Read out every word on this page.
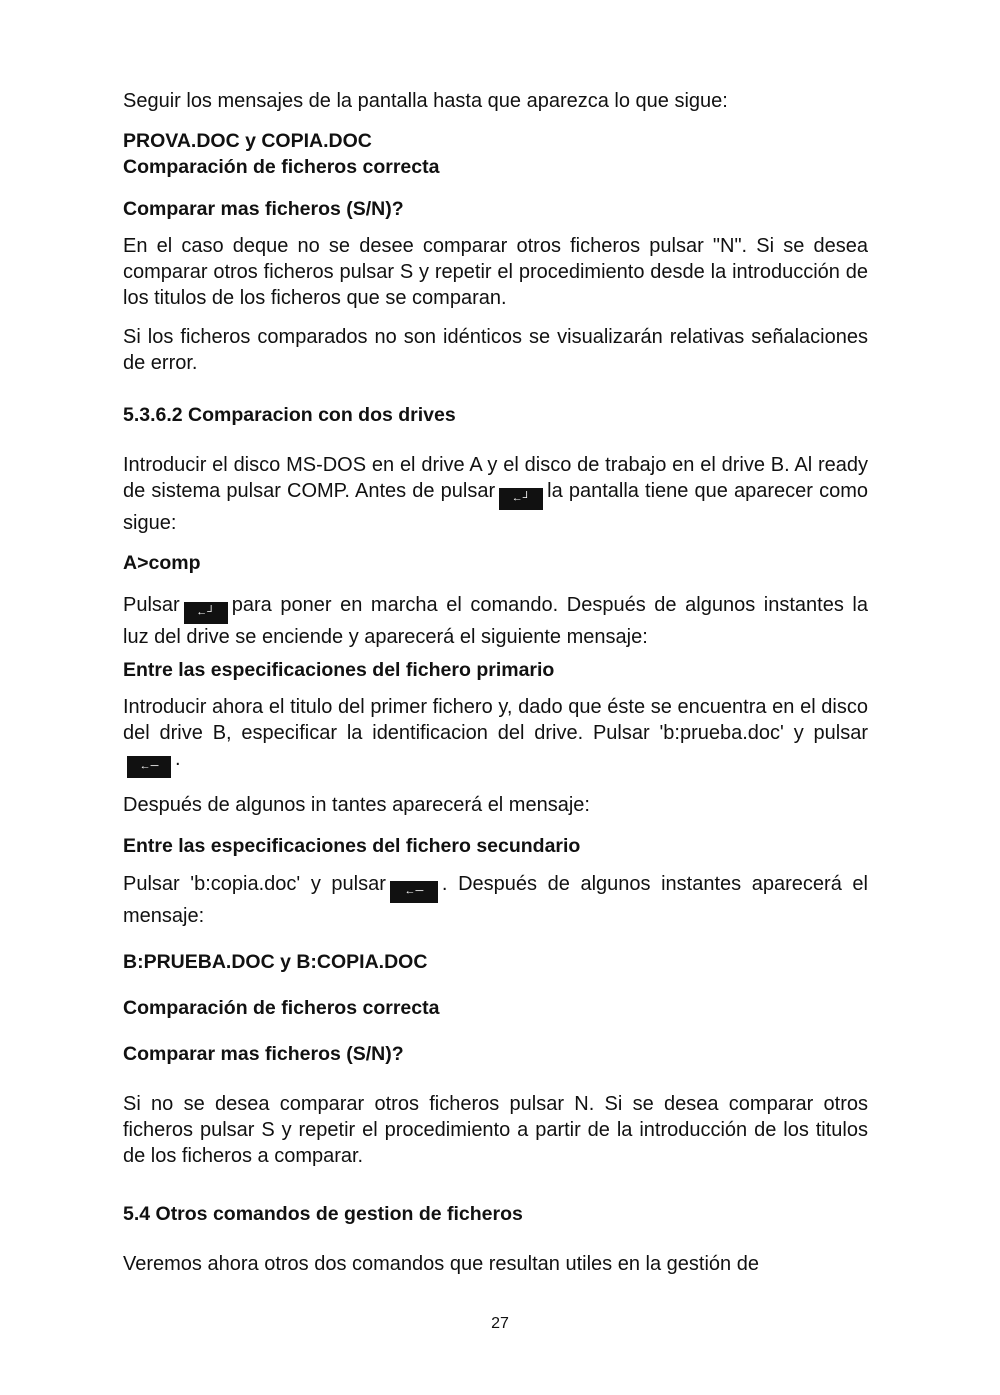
Seguir los mensajes de la pantalla hasta que aparezca lo que sigue:

PROVA.DOC y COPIA.DOC

Comparación de ficheros correcta

Comparar mas ficheros (S/N)?

En el caso deque no se desee comparar otros ficheros pulsar "N". Si se desea comparar otros ficheros pulsar S y repetir el procedimiento desde la introducción de los titulos de los ficheros que se comparan.

Si los ficheros comparados no son idénticos se visualizarán relativas señalaciones de error.

5.3.6.2 Comparacion con dos drives

Introducir el disco MS-DOS en el drive A y el disco de trabajo en el drive B. Al ready de sistema pulsar COMP. Antes de pulsar ←┘ la pantalla tiene que aparecer como sigue:

A>comp

Pulsar ←┘ para poner en marcha el comando. Después de algunos instantes la luz del drive se enciende y aparecerá el siguiente mensaje:

Entre las especificaciones del fichero primario

Introducir ahora el titulo del primer fichero y, dado que éste se encuentra en el disco del drive B, especificar la identificacion del drive. Pulsar 'b:prueba.doc' y pulsar←─ .

Después de algunos in tantes aparecerá el mensaje:

Entre las especificaciones del fichero secundario

Pulsar 'b:copia.doc' y pulsar ←─ . Después de algunos instantes aparecerá el mensaje:

B:PRUEBA.DOC y B:COPIA.DOC

Comparación de ficheros correcta

Comparar mas ficheros (S/N)?

Si no se desea comparar otros ficheros pulsar N. Si se desea comparar otros ficheros pulsar S y repetir el procedimiento a partir de la introducción de los titulos de los ficheros a comparar.

5.4 Otros comandos de gestion de ficheros

Veremos ahora otros dos comandos que resultan utiles en la gestión de

27
